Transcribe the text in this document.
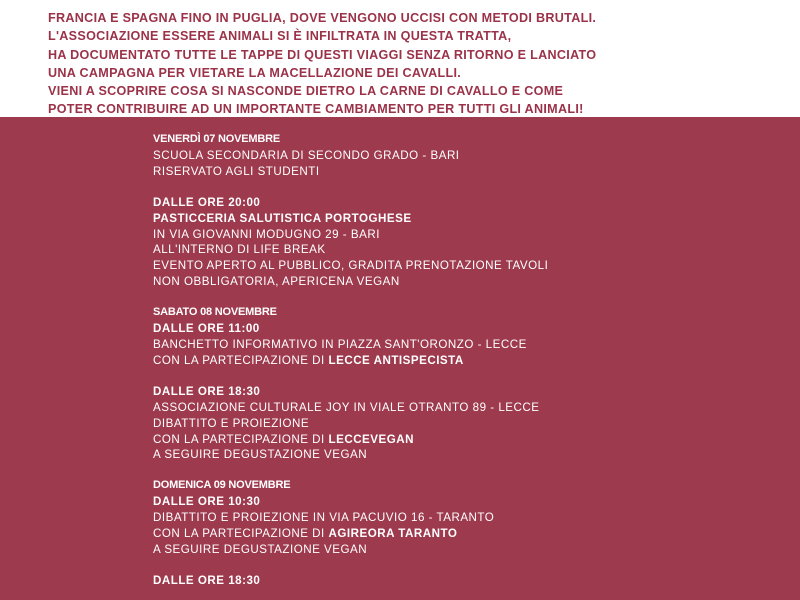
FRANCIA E SPAGNA FINO IN PUGLIA, DOVE VENGONO UCCISI CON METODI BRUTALI.
L'ASSOCIAZIONE ESSERE ANIMALI SI È INFILTRATA IN QUESTA TRATTA,
HA DOCUMENTATO TUTTE LE TAPPE DI QUESTI VIAGGI SENZA RITORNO E LANCIATO
UNA CAMPAGNA PER VIETARE LA MACELLAZIONE DEI CAVALLI.
VIENI A SCOPRIRE COSA SI NASCONDE DIETRO LA CARNE DI CAVALLO E COME
POTER CONTRIBUIRE AD UN IMPORTANTE CAMBIAMENTO PER TUTTI GLI ANIMALI!
VENERDÌ 07 NOVEMBRE
SCUOLA SECONDARIA DI SECONDO GRADO - BARI
RISERVATO AGLI STUDENTI
DALLE ORE 20:00
PASTICCERIA SALUTISTICA PORTOGHESE
IN VIA GIOVANNI MODUGNO 29 - BARI
ALL'INTERNO DI LIFE BREAK
EVENTO APERTO AL PUBBLICO, GRADITA PRENOTAZIONE TAVOLI
NON OBBLIGATORIA, APERICENA VEGAN
SABATO 08 NOVEMBRE
DALLE ORE 11:00
BANCHETTO INFORMATIVO IN PIAZZA SANT'ORONZO - LECCE
CON LA PARTECIPAZIONE DI LECCE ANTISPECISTA
DALLE ORE 18:30
ASSOCIAZIONE CULTURALE JOY IN VIALE OTRANTO 89 - LECCE
DIBATTITO E PROIEZIONE
CON LA PARTECIPAZIONE DI LECCEVEGAN
A SEGUIRE DEGUSTAZIONE VEGAN
DOMENICA 09 NOVEMBRE
DALLE ORE 10:30
DIBATTITO E PROIEZIONE IN VIA PACUVIO 16 - TARANTO
CON LA PARTECIPAZIONE DI AGIREORA TARANTO
A SEGUIRE DEGUSTAZIONE VEGAN
DALLE ORE 18:30
